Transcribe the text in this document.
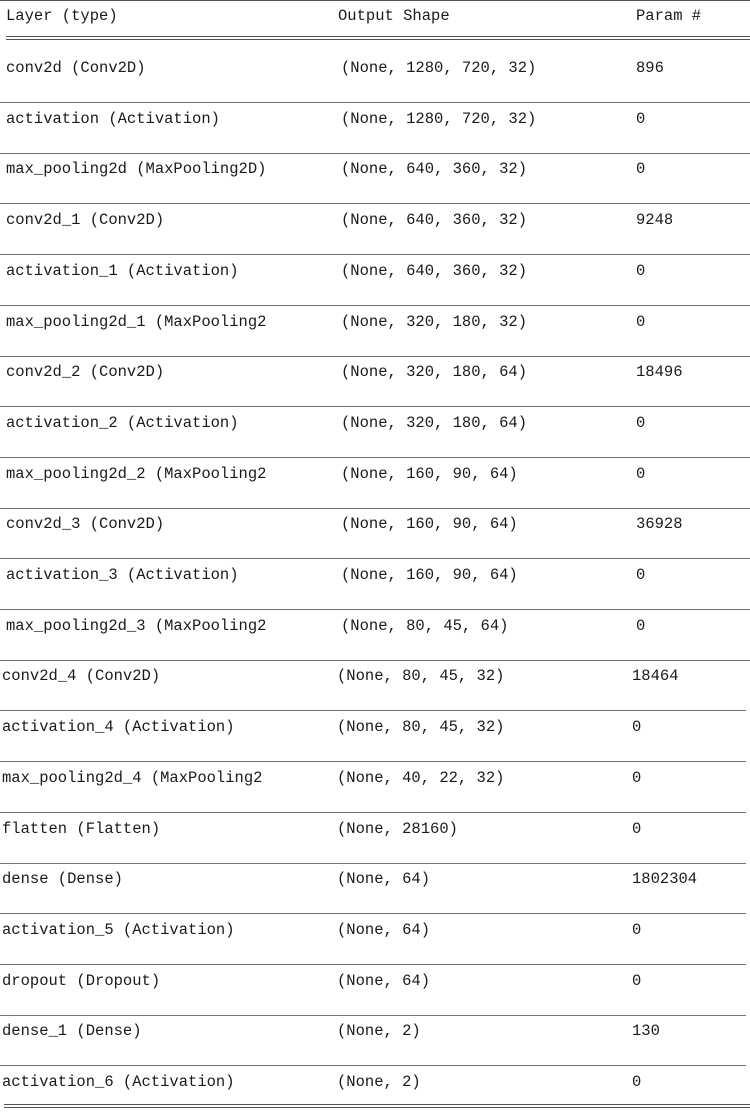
Layer (type)	Output Shape	Param #
conv2d (Conv2D)	(None, 1280, 720, 32)	896
activation (Activation)	(None, 1280, 720, 32)	0
max_pooling2d (MaxPooling2D)	(None, 640, 360, 32)	0
conv2d_1 (Conv2D)	(None, 640, 360, 32)	9248
activation_1 (Activation)	(None, 640, 360, 32)	0
max_pooling2d_1 (MaxPooling2	(None, 320, 180, 32)	0
conv2d_2 (Conv2D)	(None, 320, 180, 64)	18496
activation_2 (Activation)	(None, 320, 180, 64)	0
max_pooling2d_2 (MaxPooling2	(None, 160, 90, 64)	0
conv2d_3 (Conv2D)	(None, 160, 90, 64)	36928
activation_3 (Activation)	(None, 160, 90, 64)	0
max_pooling2d_3 (MaxPooling2	(None, 80, 45, 64)	0
conv2d_4 (Conv2D)	(None, 80, 45, 32)	18464
activation_4 (Activation)	(None, 80, 45, 32)	0
max_pooling2d_4 (MaxPooling2	(None, 40, 22, 32)	0
flatten (Flatten)	(None, 28160)	0
dense (Dense)	(None, 64)	1802304
activation_5 (Activation)	(None, 64)	0
dropout (Dropout)	(None, 64)	0
dense_1 (Dense)	(None, 2)	130
activation_6 (Activation)	(None, 2)	0
